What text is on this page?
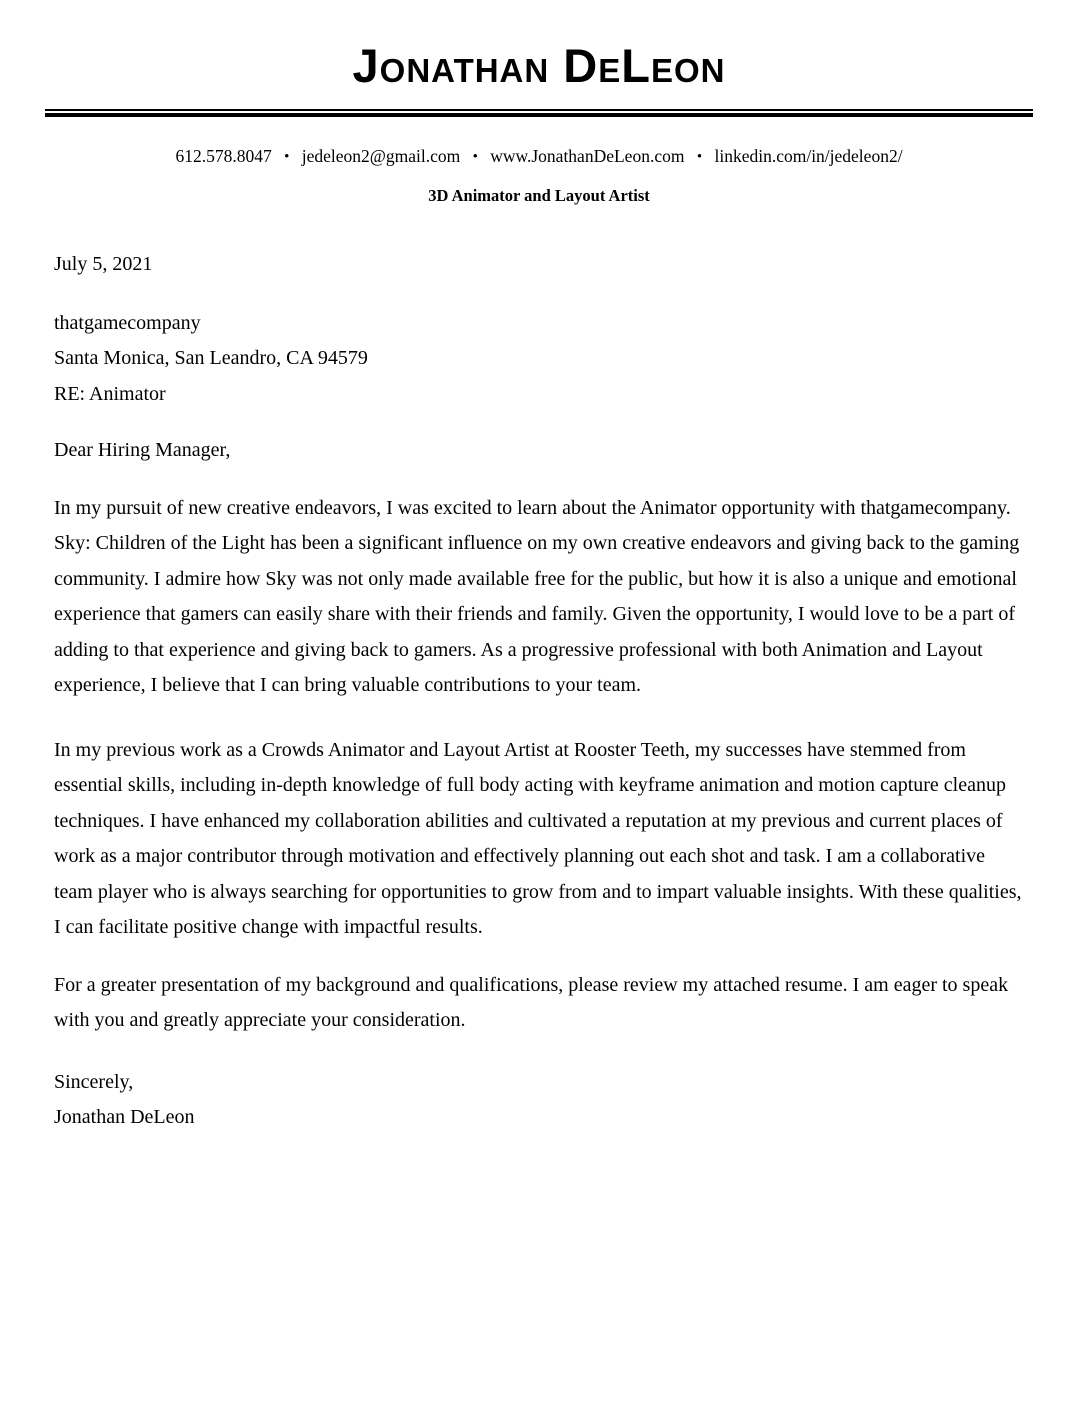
Jonathan DeLeon
612.578.8047 • jedeleon2@gmail.com • www.JonathanDeLeon.com • linkedin.com/in/jedeleon2/
3D Animator and Layout Artist

July 5, 2021

thatgamecompany

Santa Monica, San Leandro, CA 94579

RE: Animator

Dear Hiring Manager,

In my pursuit of new creative endeavors, I was excited to learn about the Animator opportunity with thatgamecompany. Sky: Children of the Light has been a significant influence on my own creative endeavors and giving back to the gaming community. I admire how Sky was not only made available free for the public, but how it is also a unique and emotional experience that gamers can easily share with their friends and family. Given the opportunity, I would love to be a part of adding to that experience and giving back to gamers. As a progressive professional with both Animation and Layout experience, I believe that I can bring valuable contributions to your team.

In my previous work as a Crowds Animator and Layout Artist at Rooster Teeth, my successes have stemmed from essential skills, including in-depth knowledge of full body acting with keyframe animation and motion capture cleanup techniques. I have enhanced my collaboration abilities and cultivated a reputation at my previous and current places of work as a major contributor through motivation and effectively planning out each shot and task. I am a collaborative team player who is always searching for opportunities to grow from and to impart valuable insights. With these qualities, I can facilitate positive change with impactful results.

For a greater presentation of my background and qualifications, please review my attached resume. I am eager to speak with you and greatly appreciate your consideration.

Sincerely,

Jonathan DeLeon
